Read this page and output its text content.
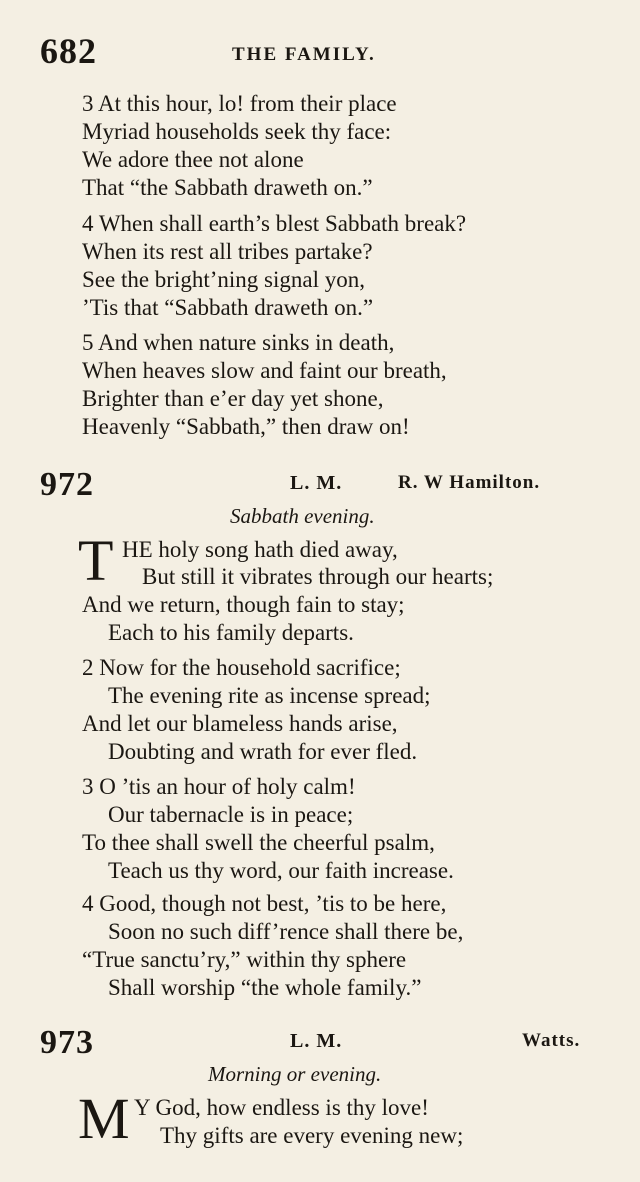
682	THE FAMILY.
3 At this hour, lo! from their place
Myriad households seek thy face:
We adore thee not alone
That “the Sabbath draweth on.”
4 When shall earth’s blest Sabbath break?
When its rest all tribes partake?
See the bright’ning signal yon,
’Tis that “Sabbath draweth on.”
5 And when nature sinks in death,
When heaves slow and faint our breath,
Brighter than e’er day yet shone,
Heavenly “Sabbath,” then draw on!
972	L. M.	R. W Hamilton.
Sabbath evening.
T HE holy song hath died away,
But still it vibrates through our hearts;
And we return, though fain to stay;
Each to his family departs.
2 Now for the household sacrifice;
The evening rite as incense spread;
And let our blameless hands arise,
Doubting and wrath for ever fled.
3 O ’tis an hour of holy calm!
Our tabernacle is in peace;
To thee shall swell the cheerful psalm,
Teach us thy word, our faith increase.
4 Good, though not best, ’tis to be here,
Soon no such diff’rence shall there be,
“True sanctu’ry,” within thy sphere
Shall worship “the whole family.”
973	L. M.	Watts.
Morning or evening.
M Y God, how endless is thy love!
Thy gifts are every evening new;
